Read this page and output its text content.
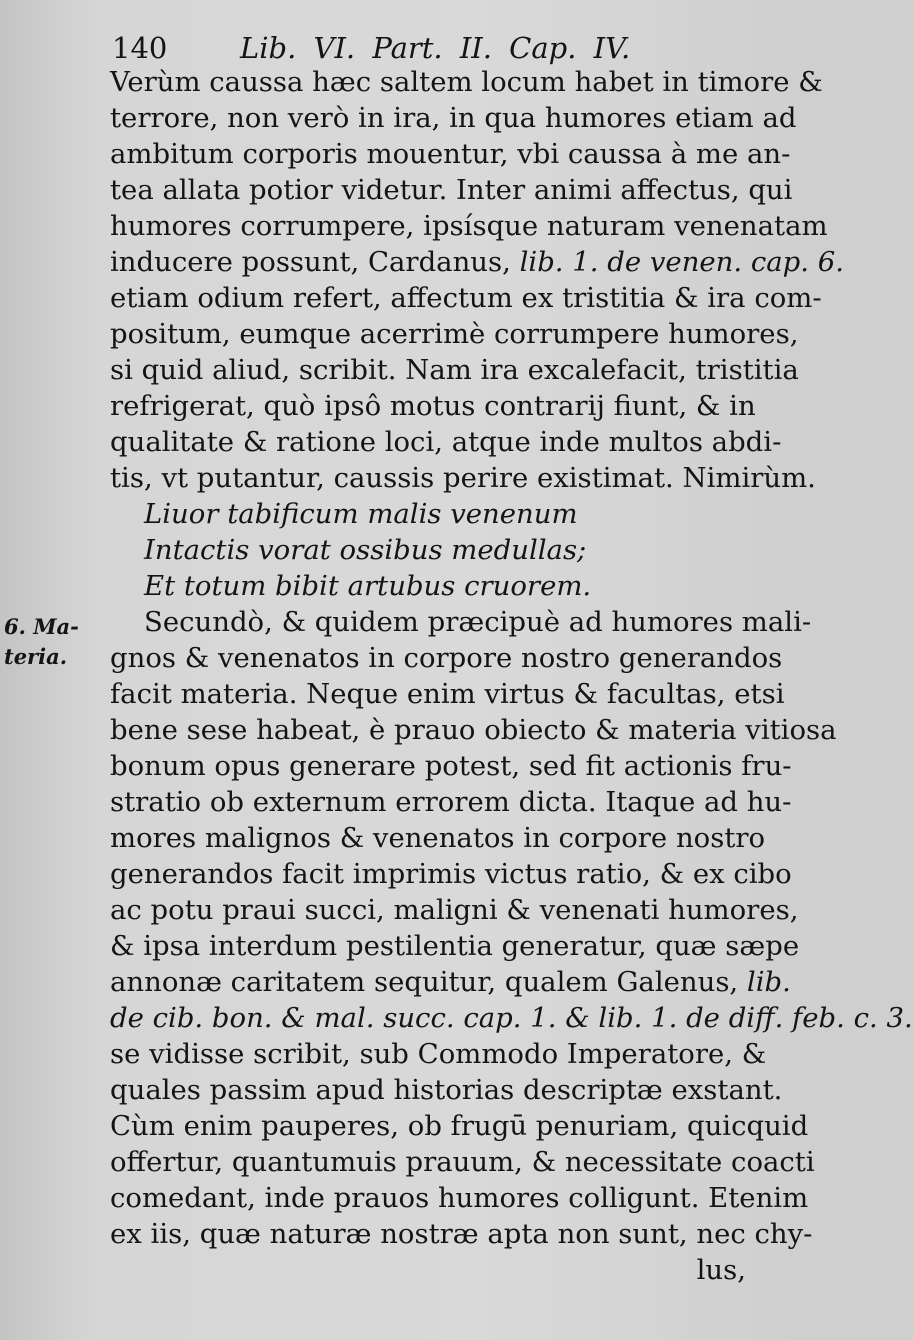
140	Lib. VI. Part. II. Cap. IV.
6. Ma-
teria.
Verùm caussa hæc saltem locum habet in timore &
terrore, non verò in ira, in qua humores etiam ad
ambitum corporis mouentur, vbi caussa à me an-
tea allata potior videtur. Inter animi affectus, qui
humores corrumpere, ipsísque naturam venenatam
inducere possunt, Cardanus, lib. 1. de venen. cap. 6.
etiam odium refert, affectum ex tristitia & ira com-
positum, eumque acerrimè corrumpere humores,
si quid aliud, scribit. Nam ira excalefacit, tristitia
refrigerat, quò ipsô motus contrarij fiunt, & in
qualitate & ratione loci, atque inde multos abdi-
tis, vt putantur, caussis perire existimat. Nimirùm.
Liuor tabificum malis venenum
Intactis vorat ossibus medullas;
Et totum bibit artubus cruorem.
Secundò, & quidem præcipuè ad humores mali-
gnos & venenatos in corpore nostro generandos
facit materia. Neque enim virtus & facultas, etsi
bene sese habeat, è prauo obiecto & materia vitiosa
bonum opus generare potest, sed fit actionis fru-
stratio ob externum errorem dicta. Itaque ad hu-
mores malignos & venenatos in corpore nostro
generandos facit imprimis victus ratio, & ex cibo
ac potu praui succi, maligni & venenati humores,
& ipsa interdum pestilentia generatur, quæ sæpe
annonæ caritatem sequitur, qualem Galenus, lib.
de cib. bon. & mal. succ. cap. 1. & lib. 1. de diff. feb. c. 3.
se vidisse scribit, sub Commodo Imperatore, &
quales passim apud historias descriptæ exstant.
Cùm enim pauperes, ob frugū penuriam, quicquid
offertur, quantumuis prauum, & necessitate coacti
comedant, inde prauos humores colligunt. Etenim
ex iis, quæ naturæ nostræ apta non sunt, nec chy-
lus,
